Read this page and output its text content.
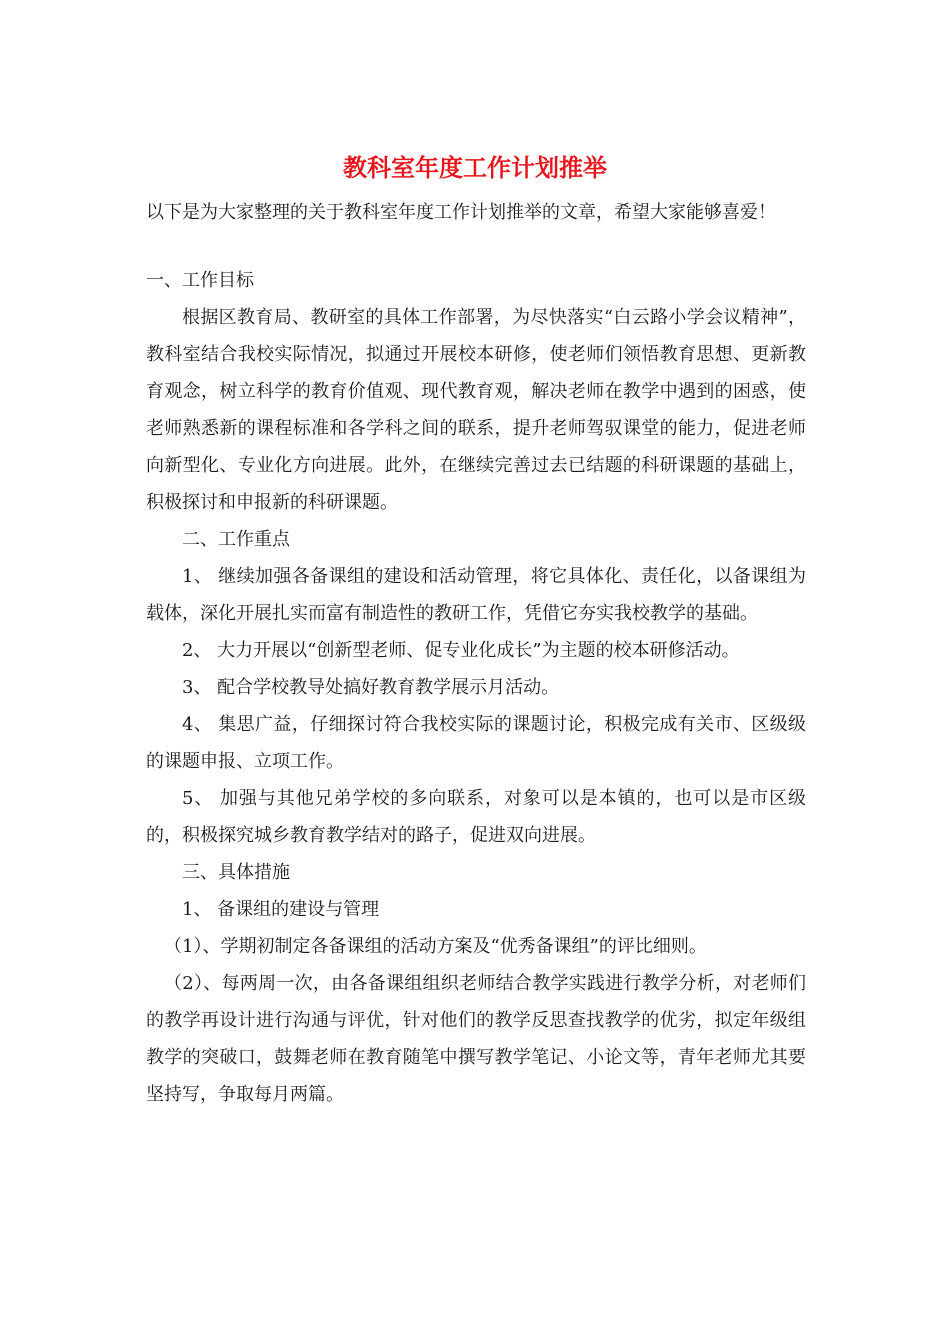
教科室年度工作计划推举

以下是为大家整理的关于教科室年度工作计划推举的文章，希望大家能够喜爱！

一、工作目标

根据区教育局、教研室的具体工作部署，为尽快落实“白云路小学会议精神”，教科室结合我校实际情况，拟通过开展校本研修，使老师们领悟教育思想、更新教育观念，树立科学的教育价值观、现代教育观，解决老师在教学中遇到的困惑，使老师熟悉新的课程标准和各学科之间的联系，提升老师驾驭课堂的能力，促进老师向新型化、专业化方向进展。此外，在继续完善过去已结题的科研课题的基础上，积极探讨和申报新的科研课题。

二、工作重点

1、 继续加强各备课组的建设和活动管理，将它具体化、责任化，以备课组为载体，深化开展扎实而富有制造性的教研工作，凭借它夯实我校教学的基础。

2、 大力开展以“创新型老师、促专业化成长”为主题的校本研修活动。

3、 配合学校教导处搞好教育教学展示月活动。

4、 集思广益，仔细探讨符合我校实际的课题讨论，积极完成有关市、区级级的课题申报、立项工作。

5、 加强与其他兄弟学校的多向联系，对象可以是本镇的，也可以是市区级的，积极探究城乡教育教学结对的路子，促进双向进展。

三、具体措施

1、 备课组的建设与管理

（1）、学期初制定各备课组的活动方案及“优秀备课组”的评比细则。

（2）、每两周一次，由各备课组组织老师结合教学实践进行教学分析，对老师们的教学再设计进行沟通与评优，针对他们的教学反思查找教学的优劣，拟定年级组教学的突破口，鼓舞老师在教育随笔中撰写教学笔记、小论文等，青年老师尤其要坚持写，争取每月两篇。
